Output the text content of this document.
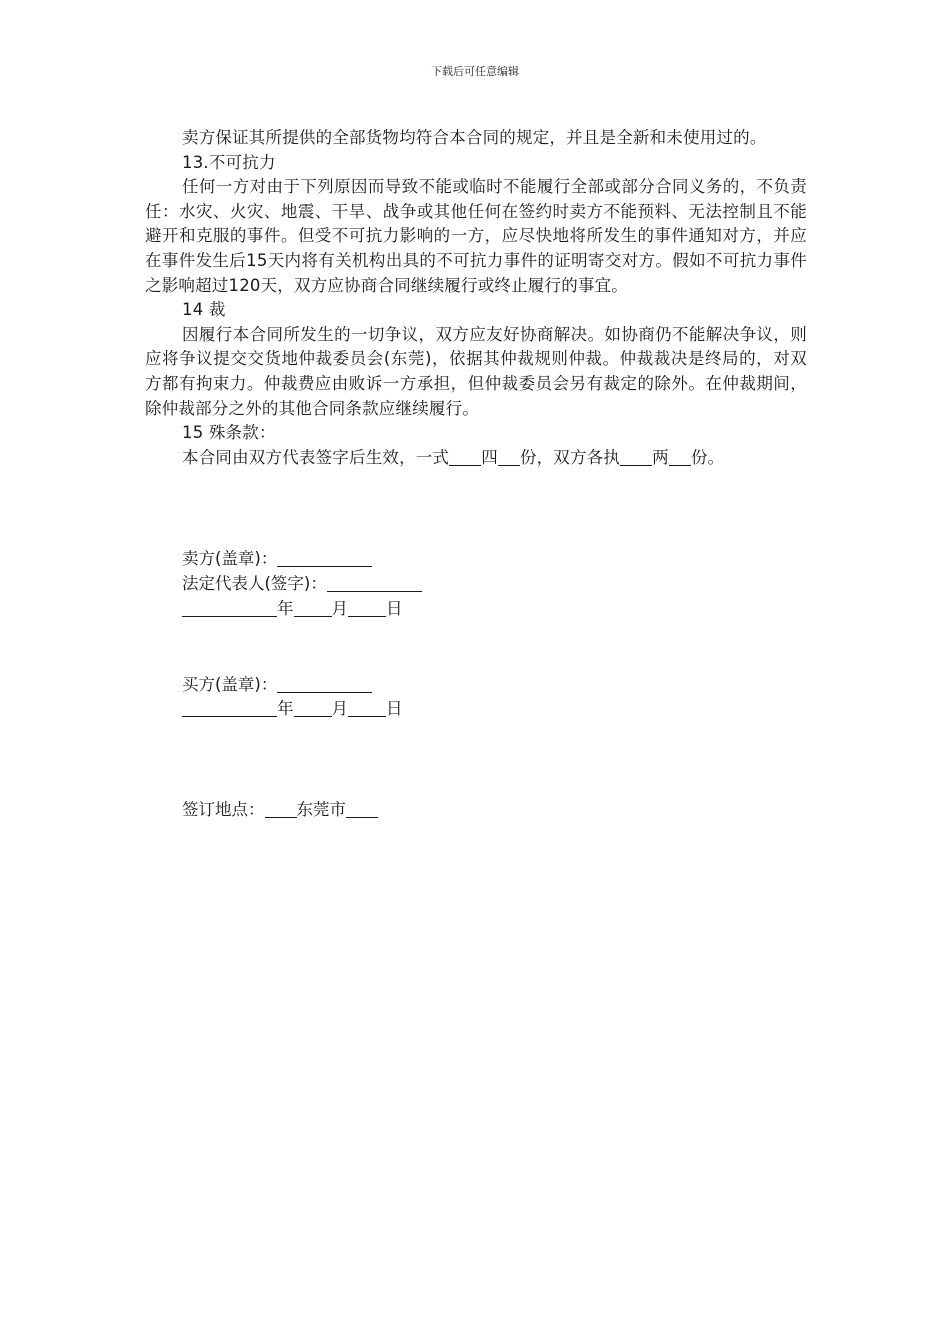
下载后可任意编辑

卖方保证其所提供的全部货物均符合本合同的规定，并且是全新和未使用过的。

13.不可抗力

任何一方对由于下列原因而导致不能或临时不能履行全部或部分合同义务的，不负责任：水灾、火灾、地震、干旱、战争或其他任何在签约时卖方不能预料、无法控制且不能避开和克服的事件。但受不可抗力影响的一方，应尽快地将所发生的事件通知对方，并应在事件发生后15天内将有关机构出具的不可抗力事件的证明寄交对方。假如不可抗力事件之影响超过120天，双方应协商合同继续履行或终止履行的事宜。

14 裁

因履行本合同所发生的一切争议，双方应友好协商解决。如协商仍不能解决争议，则应将争议提交交货地仲裁委员会(东莞)，依据其仲裁规则仲裁。仲裁裁决是终局的，对双方都有拘束力。仲裁费应由败诉一方承担，但仲裁委员会另有裁定的除外。在仲裁期间，除仲裁部分之外的其他合同条款应继续履行。

15 殊条款：

本合同由双方代表签字后生效，一式 四 份，双方各执 两 份。

卖方(盖章)：
法定代表人(签字)：
年 月 日
买方(盖章)：
年 月 日
签订地点： 东莞市
